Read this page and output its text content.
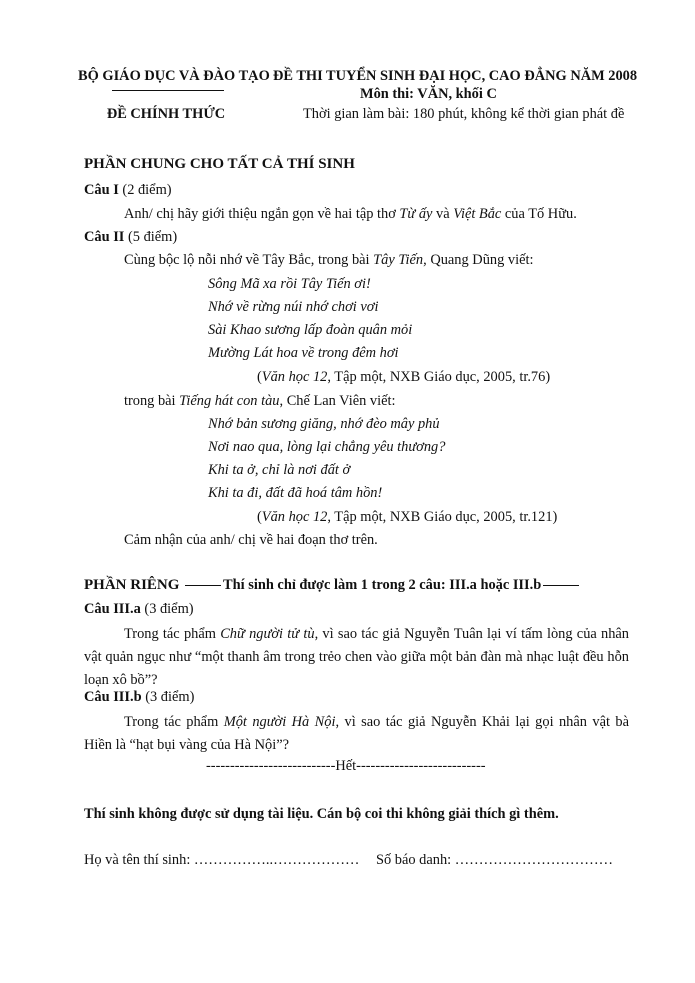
BỘ GIÁO DỤC VÀ ĐÀO TẠO
ĐỀ CHÍNH THỨC
ĐỀ THI TUYỂN SINH ĐẠI HỌC, CAO ĐẲNG NĂM 2008
Môn thi: VĂN, khối C
Thời gian làm bài: 180 phút, không kể thời gian phát đề
PHẦN CHUNG CHO TẤT CẢ THÍ SINH
Câu I (2 điểm)
Anh/ chị hãy giới thiệu ngắn gọn về hai tập thơ Từ ấy và Việt Bắc của Tố Hữu.
Câu II (5 điểm)
Cùng bộc lộ nỗi nhớ về Tây Bắc, trong bài Tây Tiến, Quang Dũng viết:
Sông Mã xa rồi Tây Tiến ơi!
Nhớ về rừng núi nhớ chơi vơi
Sài Khao sương lấp đoàn quân mỏi
Mường Lát hoa về trong đêm hơi
(Văn học 12, Tập một, NXB Giáo dục, 2005, tr.76)
trong bài Tiếng hát con tàu, Chế Lan Viên viết:
Nhớ bản sương giăng, nhớ đèo mây phủ
Nơi nao qua, lòng lại chẳng yêu thương?
Khi ta ở, chỉ là nơi đất ở
Khi ta đi, đất đã hoá tâm hồn!
(Văn học 12, Tập một, NXB Giáo dục, 2005, tr.121)
Cảm nhận của anh/ chị về hai đoạn thơ trên.
PHẦN RIÊNG	Thí sinh chỉ được làm 1 trong 2 câu: III.a hoặc III.b
Câu III.a (3 điểm)
Trong tác phẩm Chữ người tử tù, vì sao tác giả Nguyễn Tuân lại ví tấm lòng của nhân vật quản ngục như “một thanh âm trong trẻo chen vào giữa một bản đàn mà nhạc luật đều hỗn loạn xô bồ”?
Câu III.b (3 điểm)
Trong tác phẩm Một người Hà Nội, vì sao tác giả Nguyễn Khải lại gọi nhân vật bà Hiền là “hạt bụi vàng của Hà Nội”?
---------------------------Hết---------------------------
Thí sinh không được sử dụng tài liệu. Cán bộ coi thi không giải thích gì thêm.
Họ và tên thí sinh: ……………..……………… Số báo danh: ……………………………
